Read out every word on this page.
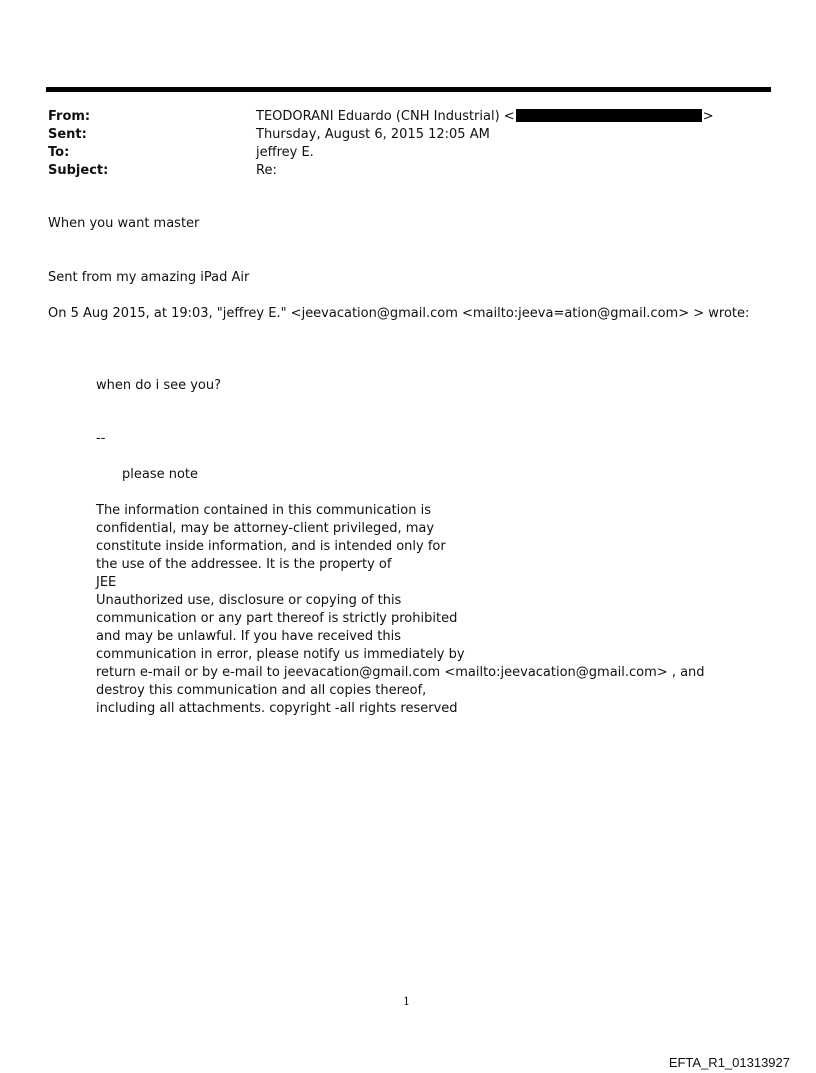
From:	TEODORANI Eduardo (CNH Industrial) <	>
Sent:	Thursday, August 6, 2015 12:05 AM
To:	jeffrey E.
Subject:	Re:
When you want master
Sent from my amazing iPad Air
On 5 Aug 2015, at 19:03, "jeffrey E." <jeevacation@gmail.com <mailto:jeeva=ation@gmail.com> > wrote:
when do i see you?
--
please note
The information contained in this communication is
confidential, may be attorney-client privileged, may
constitute inside information, and is intended only for
the use of the addressee. It is the property of
JEE
Unauthorized use, disclosure or copying of this
communication or any part thereof is strictly prohibited
and may be unlawful. If you have received this
communication in error, please notify us immediately by
return e-mail or by e-mail to jeevacation@gmail.com <mailto:jeevacation@gmail.com> , and
destroy this communication and all copies thereof,
including all attachments. copyright -all rights reserved
1
EFTA_R1_01313927
